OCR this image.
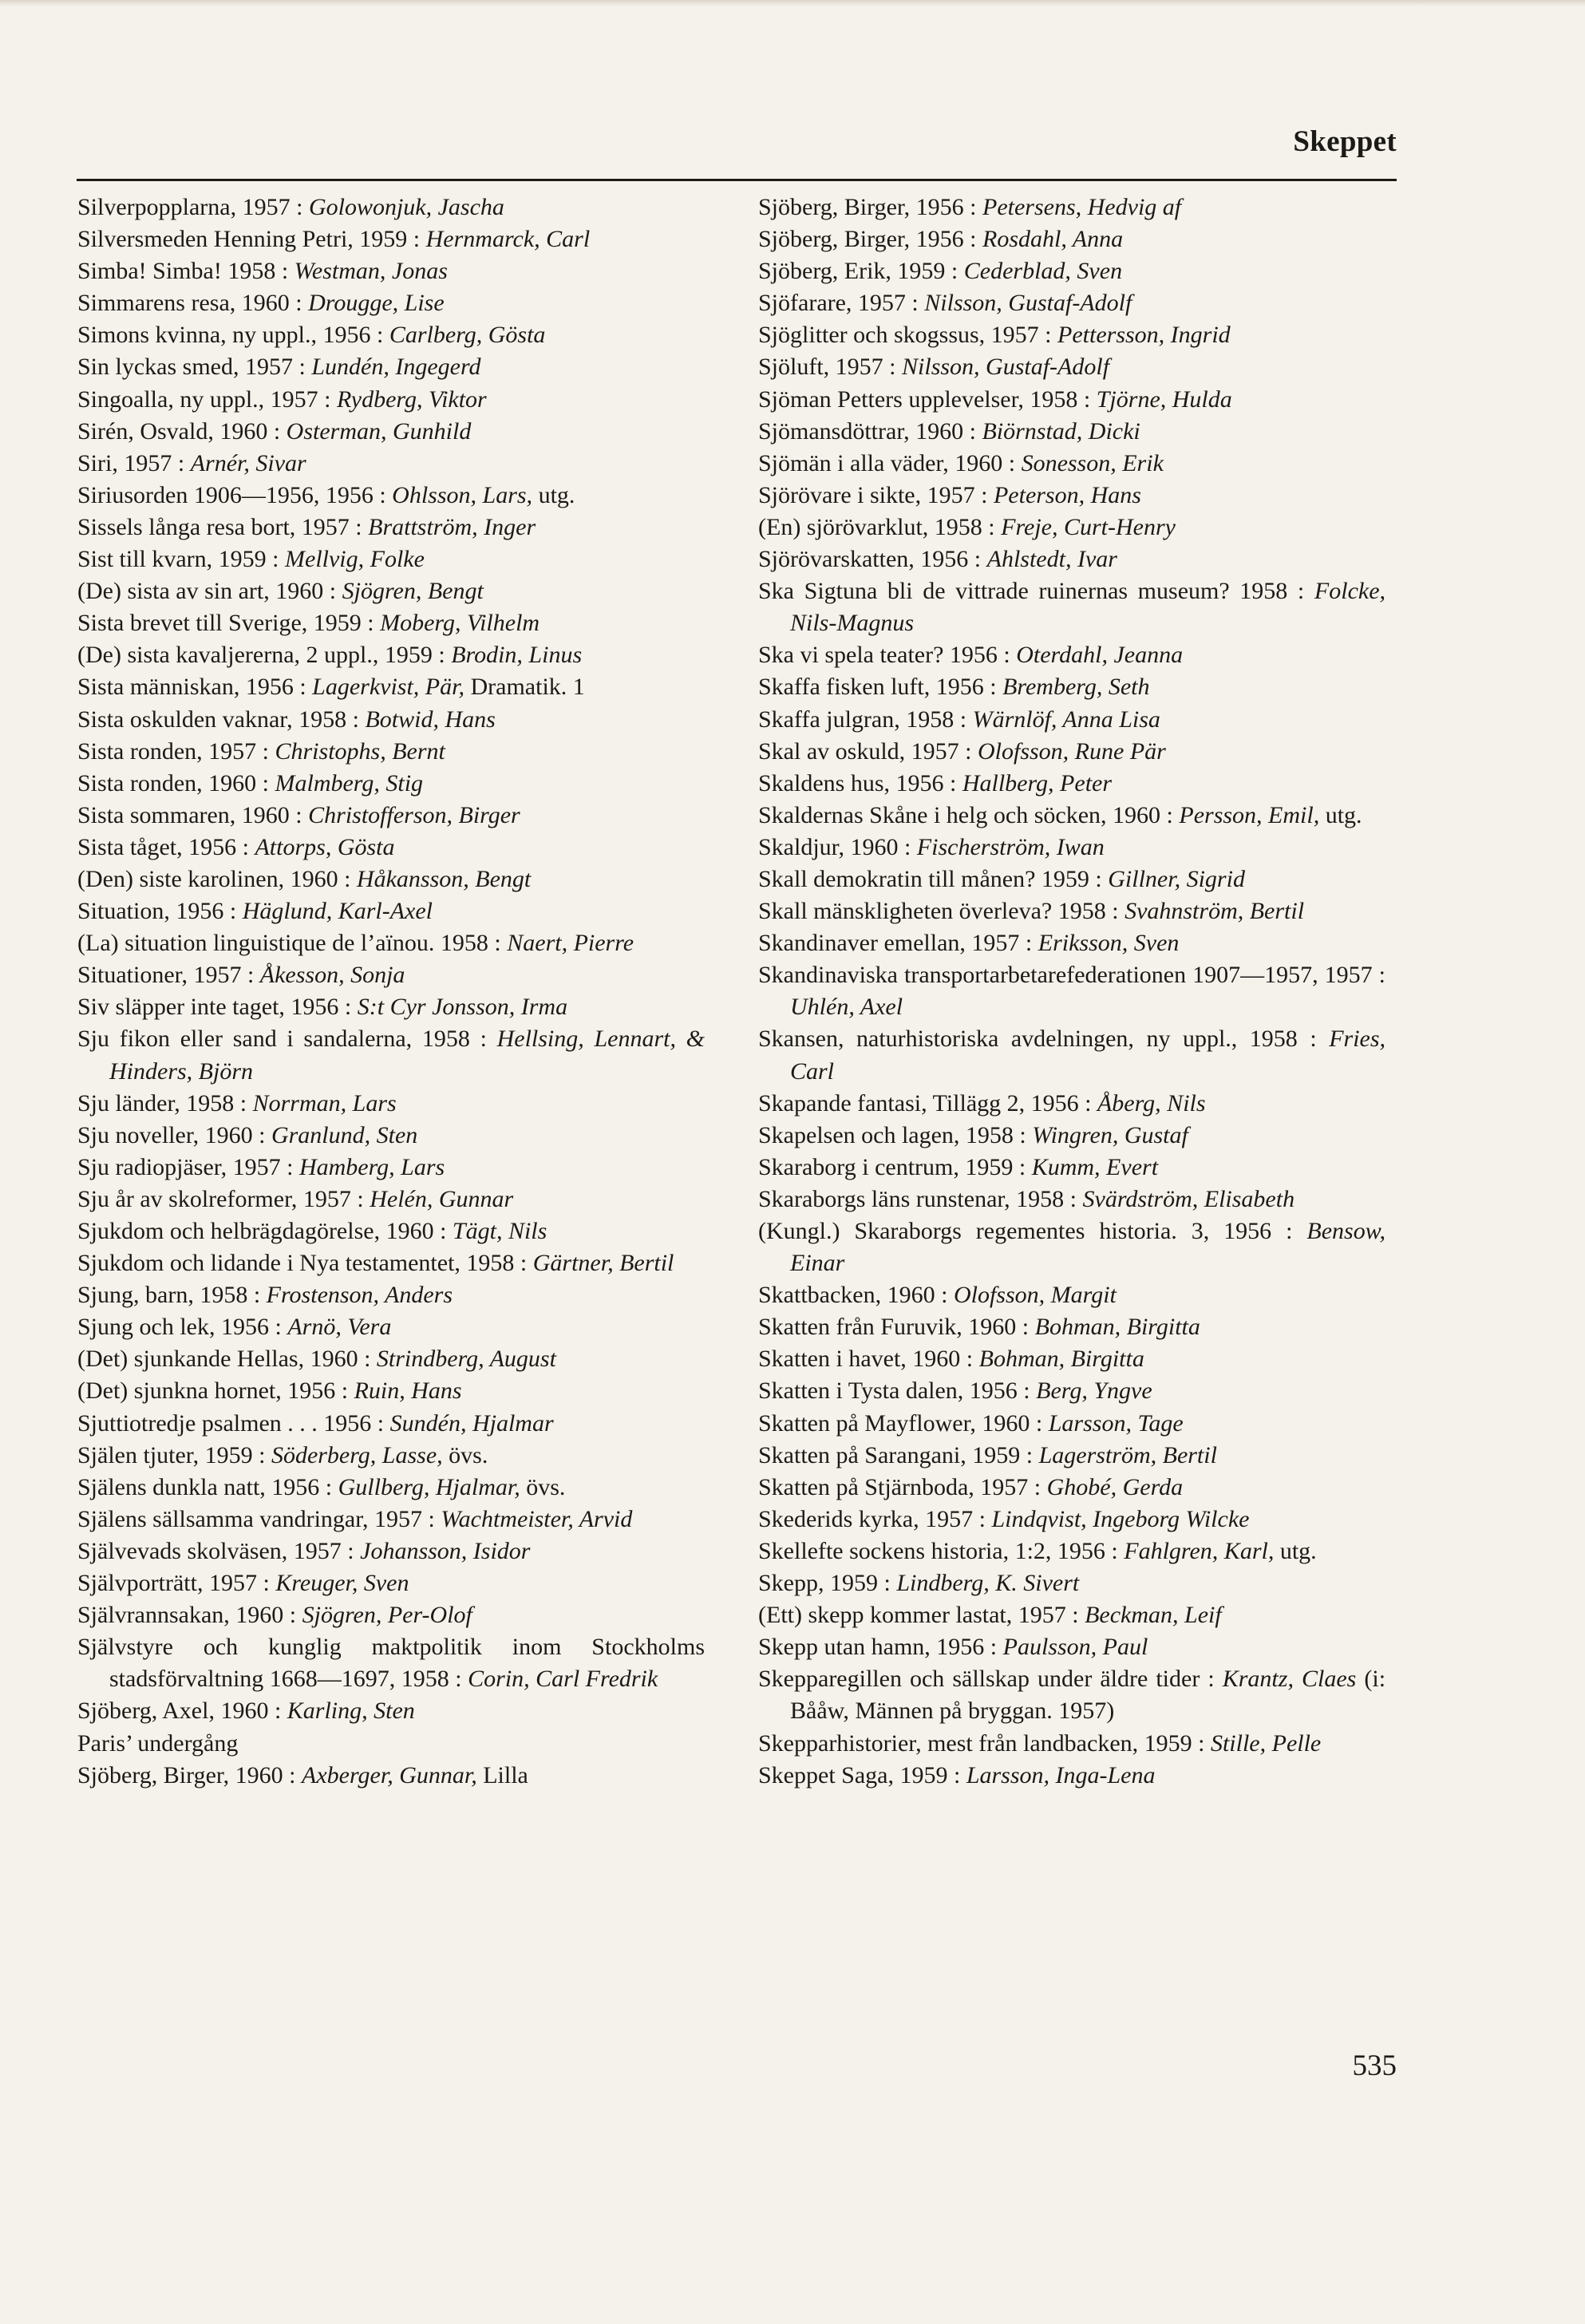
Skeppet
Silverpopplarna, 1957 : Golowonjuk, Jascha
Silversmeden Henning Petri, 1959 : Hernmarck, Carl
Simba! Simba! 1958 : Westman, Jonas
Simmarens resa, 1960 : Drougge, Lise
Simons kvinna, ny uppl., 1956 : Carlberg, Gösta
Sin lyckas smed, 1957 : Lundén, Ingegerd
Singoalla, ny uppl., 1957 : Rydberg, Viktor
Sirén, Osvald, 1960 : Osterman, Gunhild
Siri, 1957 : Arnér, Sivar
Siriusorden 1906—1956, 1956 : Ohlsson, Lars, utg.
Sissels långa resa bort, 1957 : Brattström, Inger
Sist till kvarn, 1959 : Mellvig, Folke
(De) sista av sin art, 1960 : Sjögren, Bengt
Sista brevet till Sverige, 1959 : Moberg, Vilhelm
(De) sista kavaljererna, 2 uppl., 1959 : Brodin, Linus
Sista människan, 1956 : Lagerkvist, Pär, Dramatik. 1
Sista oskulden vaknar, 1958 : Botwid, Hans
Sista ronden, 1957 : Christophs, Bernt
Sista ronden, 1960 : Malmberg, Stig
Sista sommaren, 1960 : Christofferson, Birger
Sista tåget, 1956 : Attorps, Gösta
(Den) siste karolinen, 1960 : Håkansson, Bengt
Situation, 1956 : Häglund, Karl-Axel
(La) situation linguistique de l’aïnou. 1958 : Naert, Pierre
Situationer, 1957 : Åkesson, Sonja
Siv släpper inte taget, 1956 : S:t Cyr Jonsson, Irma
Sju fikon eller sand i sandalerna, 1958 : Hellsing, Lennart, & Hinders, Björn
Sju länder, 1958 : Norrman, Lars
Sju noveller, 1960 : Granlund, Sten
Sju radiopjäser, 1957 : Hamberg, Lars
Sju år av skolreformer, 1957 : Helén, Gunnar
Sjukdom och helbrägdagörelse, 1960 : Tägt, Nils
Sjukdom och lidande i Nya testamentet, 1958 : Gärtner, Bertil
Sjung, barn, 1958 : Frostenson, Anders
Sjung och lek, 1956 : Arnö, Vera
(Det) sjunkande Hellas, 1960 : Strindberg, August
(Det) sjunkna hornet, 1956 : Ruin, Hans
Sjuttiotredje psalmen . . . 1956 : Sundén, Hjalmar
Själen tjuter, 1959 : Söderberg, Lasse, övs.
Själens dunkla natt, 1956 : Gullberg, Hjalmar, övs.
Själens sällsamma vandringar, 1957 : Wachtmeister, Arvid
Självevads skolväsen, 1957 : Johansson, Isidor
Självporträtt, 1957 : Kreuger, Sven
Självrannsakan, 1960 : Sjögren, Per-Olof
Självstyre och kunglig maktpolitik inom Stockholms stadsförvaltning 1668—1697, 1958 : Corin, Carl Fredrik
Sjöberg, Axel, 1960 : Karling, Sten
Paris’ undergång
Sjöberg, Birger, 1960 : Axberger, Gunnar, Lilla
Sjöberg, Birger, 1956 : Petersens, Hedvig af
Sjöberg, Birger, 1956 : Rosdahl, Anna
Sjöberg, Erik, 1959 : Cederblad, Sven
Sjöfarare, 1957 : Nilsson, Gustaf-Adolf
Sjöglitter och skogssus, 1957 : Pettersson, Ingrid
Sjöluft, 1957 : Nilsson, Gustaf-Adolf
Sjöman Petters upplevelser, 1958 : Tjörne, Hulda
Sjömansdöttrar, 1960 : Biörnstad, Dicki
Sjömän i alla väder, 1960 : Sonesson, Erik
Sjörövare i sikte, 1957 : Peterson, Hans
(En) sjörövarklut, 1958 : Freje, Curt-Henry
Sjörövarskatten, 1956 : Ahlstedt, Ivar
Ska Sigtuna bli de vittrade ruinernas museum? 1958 : Folcke, Nils-Magnus
Ska vi spela teater? 1956 : Oterdahl, Jeanna
Skaffa fisken luft, 1956 : Bremberg, Seth
Skaffa julgran, 1958 : Wärnlöf, Anna Lisa
Skal av oskuld, 1957 : Olofsson, Rune Pär
Skaldens hus, 1956 : Hallberg, Peter
Skaldernas Skåne i helg och söcken, 1960 : Persson, Emil, utg.
Skaldjur, 1960 : Fischerström, Iwan
Skall demokratin till månen? 1959 : Gillner, Sigrid
Skall mänskligheten överleva? 1958 : Svahnström, Bertil
Skandinaver emellan, 1957 : Eriksson, Sven
Skandinaviska transportarbetarefederationen 1907—1957, 1957 : Uhlén, Axel
Skansen, naturhistoriska avdelningen, ny uppl., 1958 : Fries, Carl
Skapande fantasi, Tillägg 2, 1956 : Åberg, Nils
Skapelsen och lagen, 1958 : Wingren, Gustaf
Skaraborg i centrum, 1959 : Kumm, Evert
Skaraborgs läns runstenar, 1958 : Svärdström, Elisabeth
(Kungl.) Skaraborgs regementes historia. 3, 1956 : Bensow, Einar
Skattbacken, 1960 : Olofsson, Margit
Skatten från Furuvik, 1960 : Bohman, Birgitta
Skatten i havet, 1960 : Bohman, Birgitta
Skatten i Tysta dalen, 1956 : Berg, Yngve
Skatten på Mayflower, 1960 : Larsson, Tage
Skatten på Sarangani, 1959 : Lagerström, Bertil
Skatten på Stjärnboda, 1957 : Ghobé, Gerda
Skederids kyrka, 1957 : Lindqvist, Ingeborg Wilcke
Skellefte sockens historia, 1:2, 1956 : Fahlgren, Karl, utg.
Skepp, 1959 : Lindberg, K. Sivert
(Ett) skepp kommer lastat, 1957 : Beckman, Leif
Skepp utan hamn, 1956 : Paulsson, Paul
Skepparegillen och sällskap under äldre tider : Krantz, Claes (i: Bååw, Männen på bryggan. 1957)
Skepparhistorier, mest från landbacken, 1959 : Stille, Pelle
Skeppet Saga, 1959 : Larsson, Inga-Lena
535
